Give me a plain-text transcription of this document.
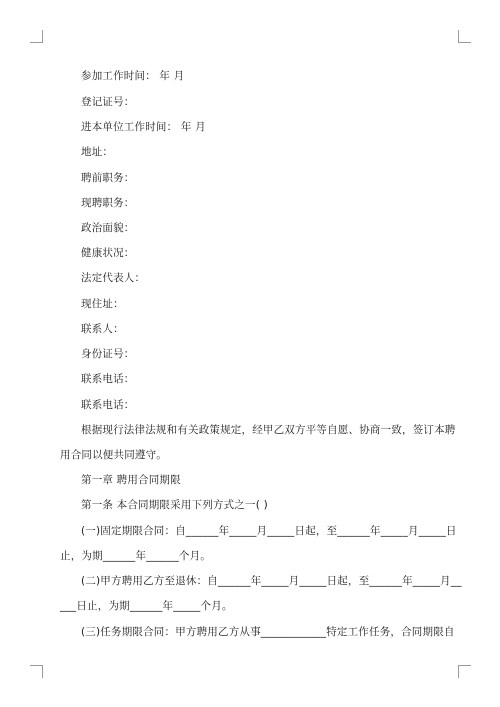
参加工作时间： 年 月
登记证号：
进本单位工作时间： 年 月
地址：
聘前职务：
现聘职务：
政治面貌：
健康状况：
法定代表人：
现住址：
联系人：
身份证号：
联系电话：
联系电话：
根据现行法律法规和有关政策规定，经甲乙双方平等自愿、协商一致，签订本聘
用合同以便共同遵守。
第一章 聘用合同期限
第一条 本合同期限采用下列方式之一( )
(一)固定期限合同：自______年_____月_____日起，至______年_____月_____日
止，为期______年______个月。
(二)甲方聘用乙方至退休：自______年_____月_____日起，至______年_____月__
___日止，为期______年_____个月。
(三)任务期限合同：甲方聘用乙方从事____________特定工作任务，合同期限自
